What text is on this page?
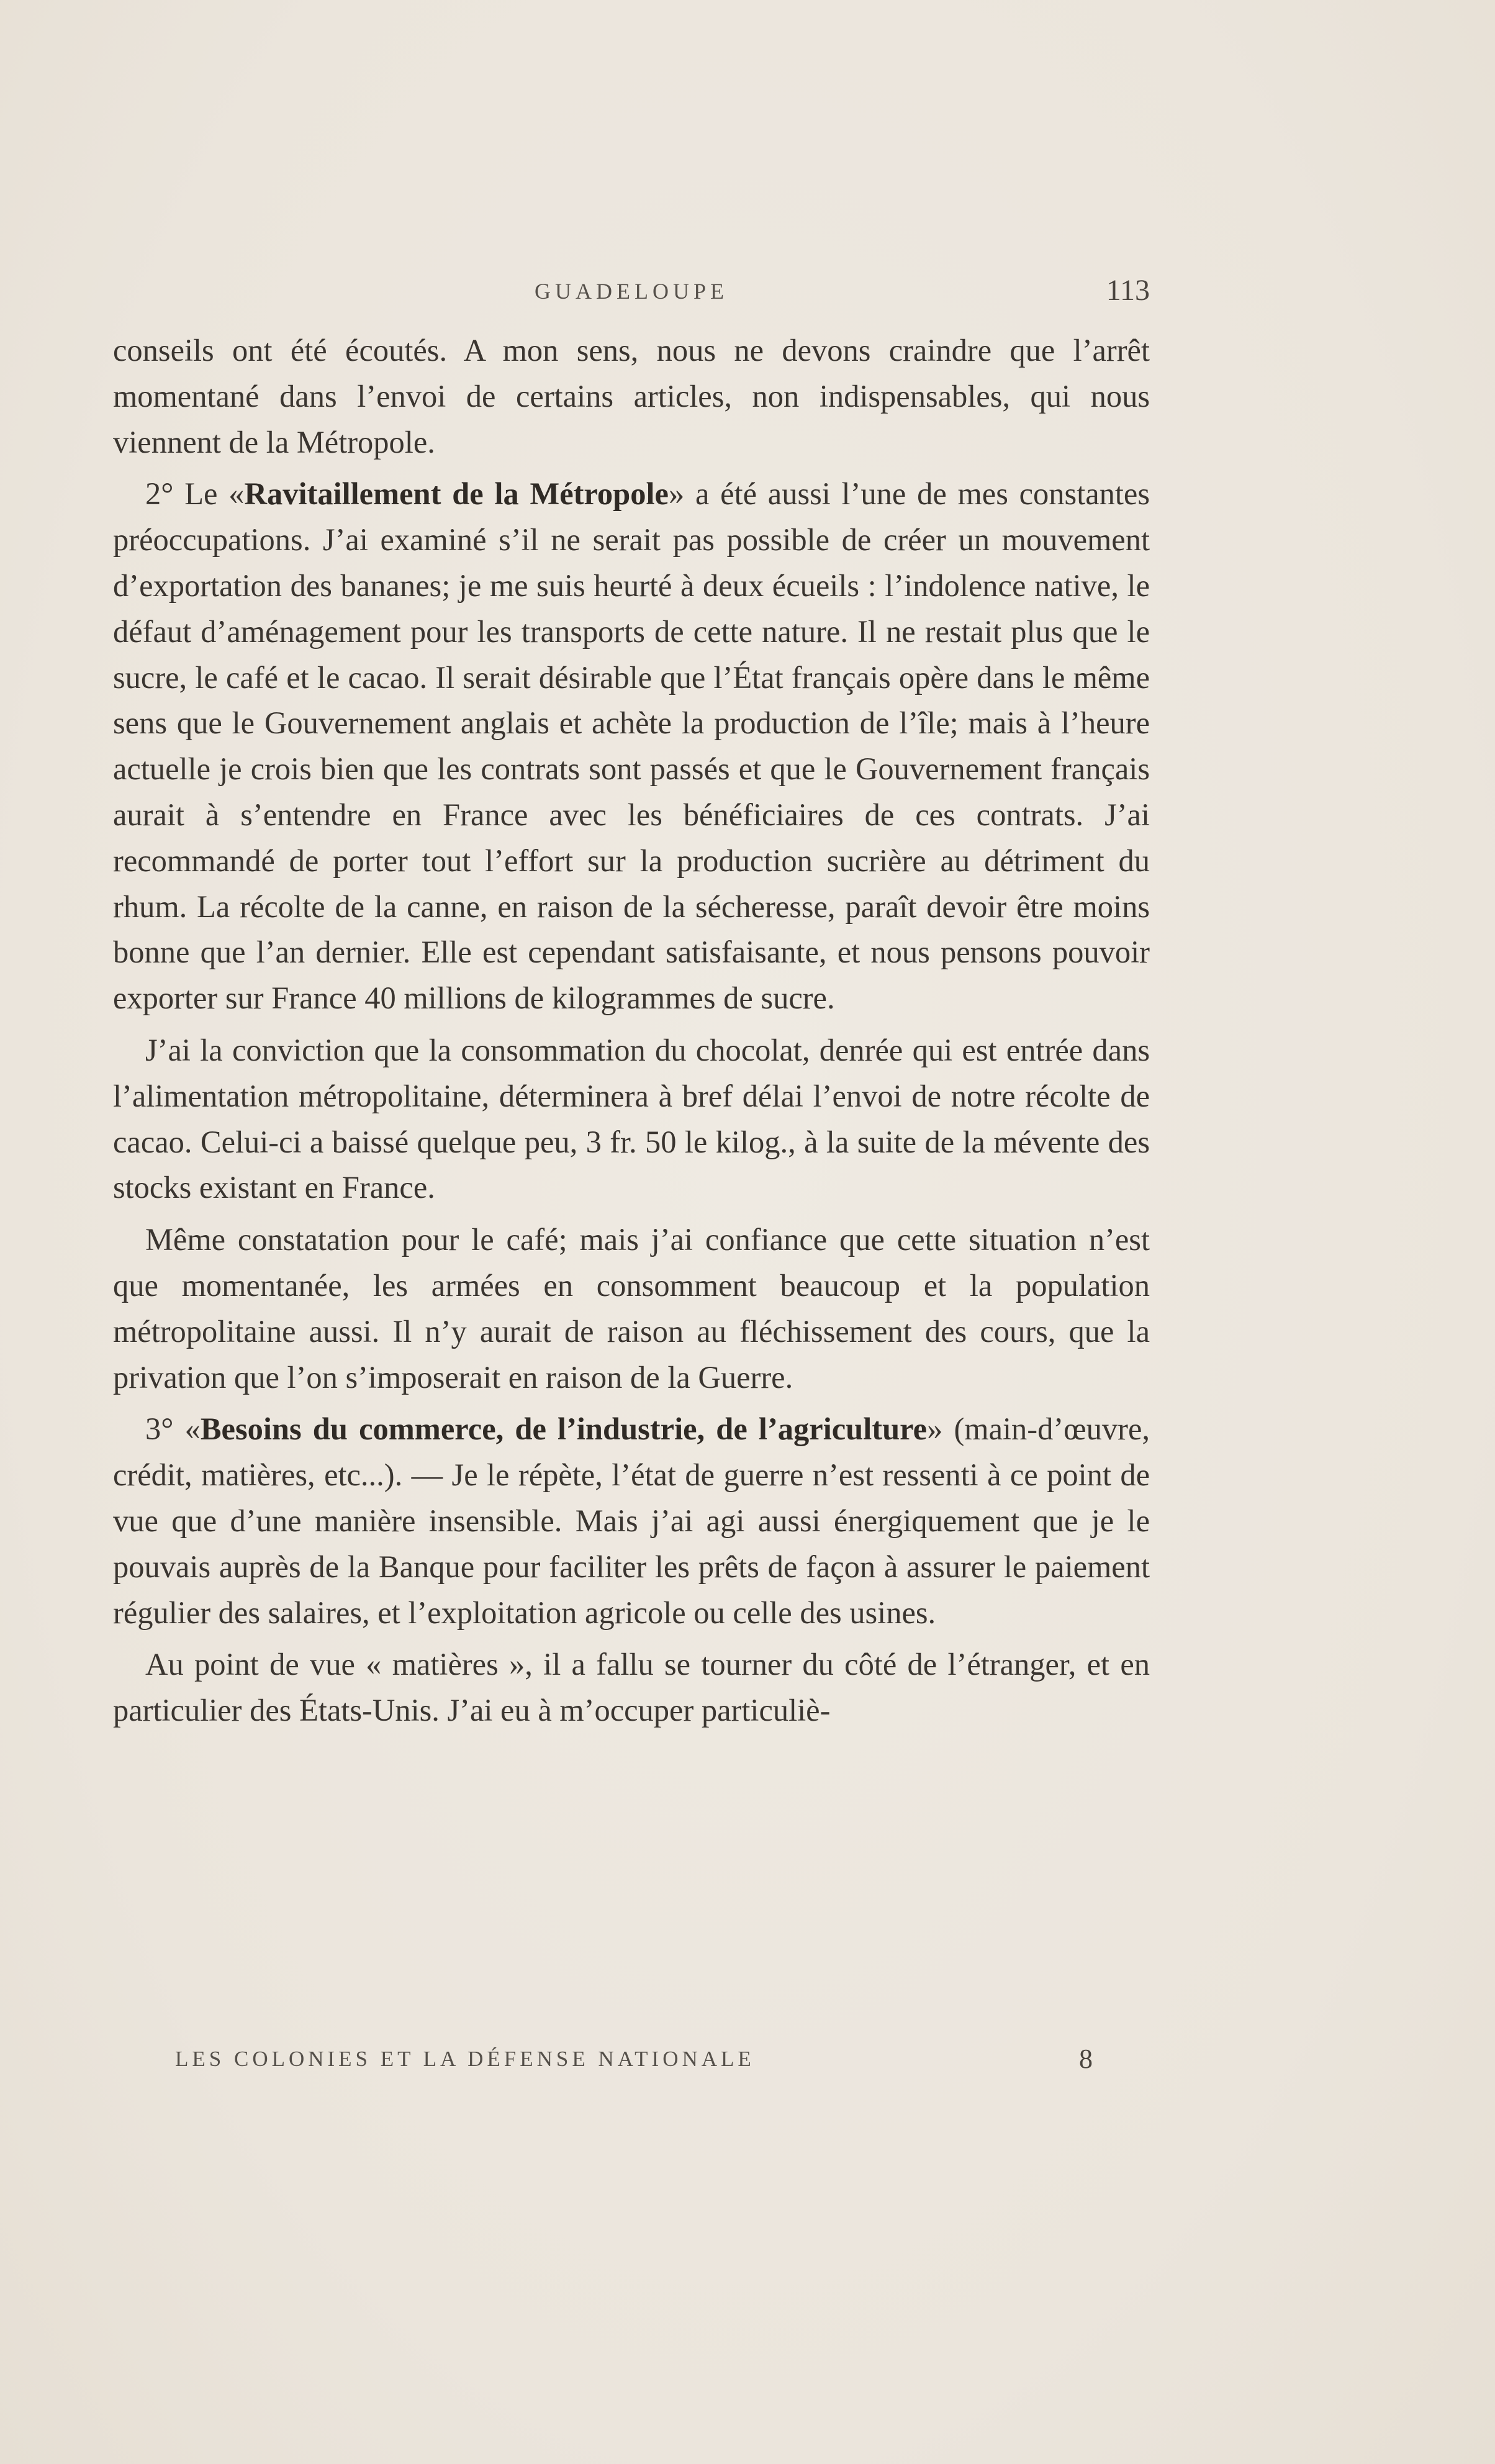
GUADELOUPE	113

conseils ont été écoutés. A mon sens, nous ne devons craindre que l’arrêt momentané dans l’envoi de certains articles, non indispensables, qui nous viennent de la Métropole.

2° Le «Ravitaillement de la Métropole» a été aussi l’une de mes constantes préoccupations. J’ai examiné s’il ne serait pas possible de créer un mouvement d’exportation des bananes; je me suis heurté à deux écueils : l’indolence native, le défaut d’aménagement pour les transports de cette nature. Il ne restait plus que le sucre, le café et le cacao. Il serait désirable que l’État français opère dans le même sens que le Gouvernement anglais et achète la production de l’île; mais à l’heure actuelle je crois bien que les contrats sont passés et que le Gouvernement français aurait à s’entendre en France avec les bénéficiaires de ces contrats. J’ai recommandé de porter tout l’effort sur la production sucrière au détriment du rhum. La récolte de la canne, en raison de la sécheresse, paraît devoir être moins bonne que l’an dernier. Elle est cependant satisfaisante, et nous pensons pouvoir exporter sur France 40 millions de kilogrammes de sucre.

J’ai la conviction que la consommation du chocolat, denrée qui est entrée dans l’alimentation métropolitaine, déterminera à bref délai l’envoi de notre récolte de cacao. Celui-ci a baissé quelque peu, 3 fr. 50 le kilog., à la suite de la mévente des stocks existant en France.

Même constatation pour le café; mais j’ai confiance que cette situation n’est que momentanée, les armées en consomment beaucoup et la population métropolitaine aussi. Il n’y aurait de raison au fléchissement des cours, que la privation que l’on s’imposerait en raison de la Guerre.

3° «Besoins du commerce, de l’industrie, de l’agriculture» (main-d’œuvre, crédit, matières, etc...). — Je le répète, l’état de guerre n’est ressenti à ce point de vue que d’une manière insensible. Mais j’ai agi aussi énergiquement que je le pouvais auprès de la Banque pour faciliter les prêts de façon à assurer le paiement régulier des salaires, et l’exploitation agricole ou celle des usines.

Au point de vue « matières », il a fallu se tourner du côté de l’étranger, et en particulier des États-Unis. J’ai eu à m’occuper particuliè-

LES COLONIES ET LA DÉFENSE NATIONALE	8
